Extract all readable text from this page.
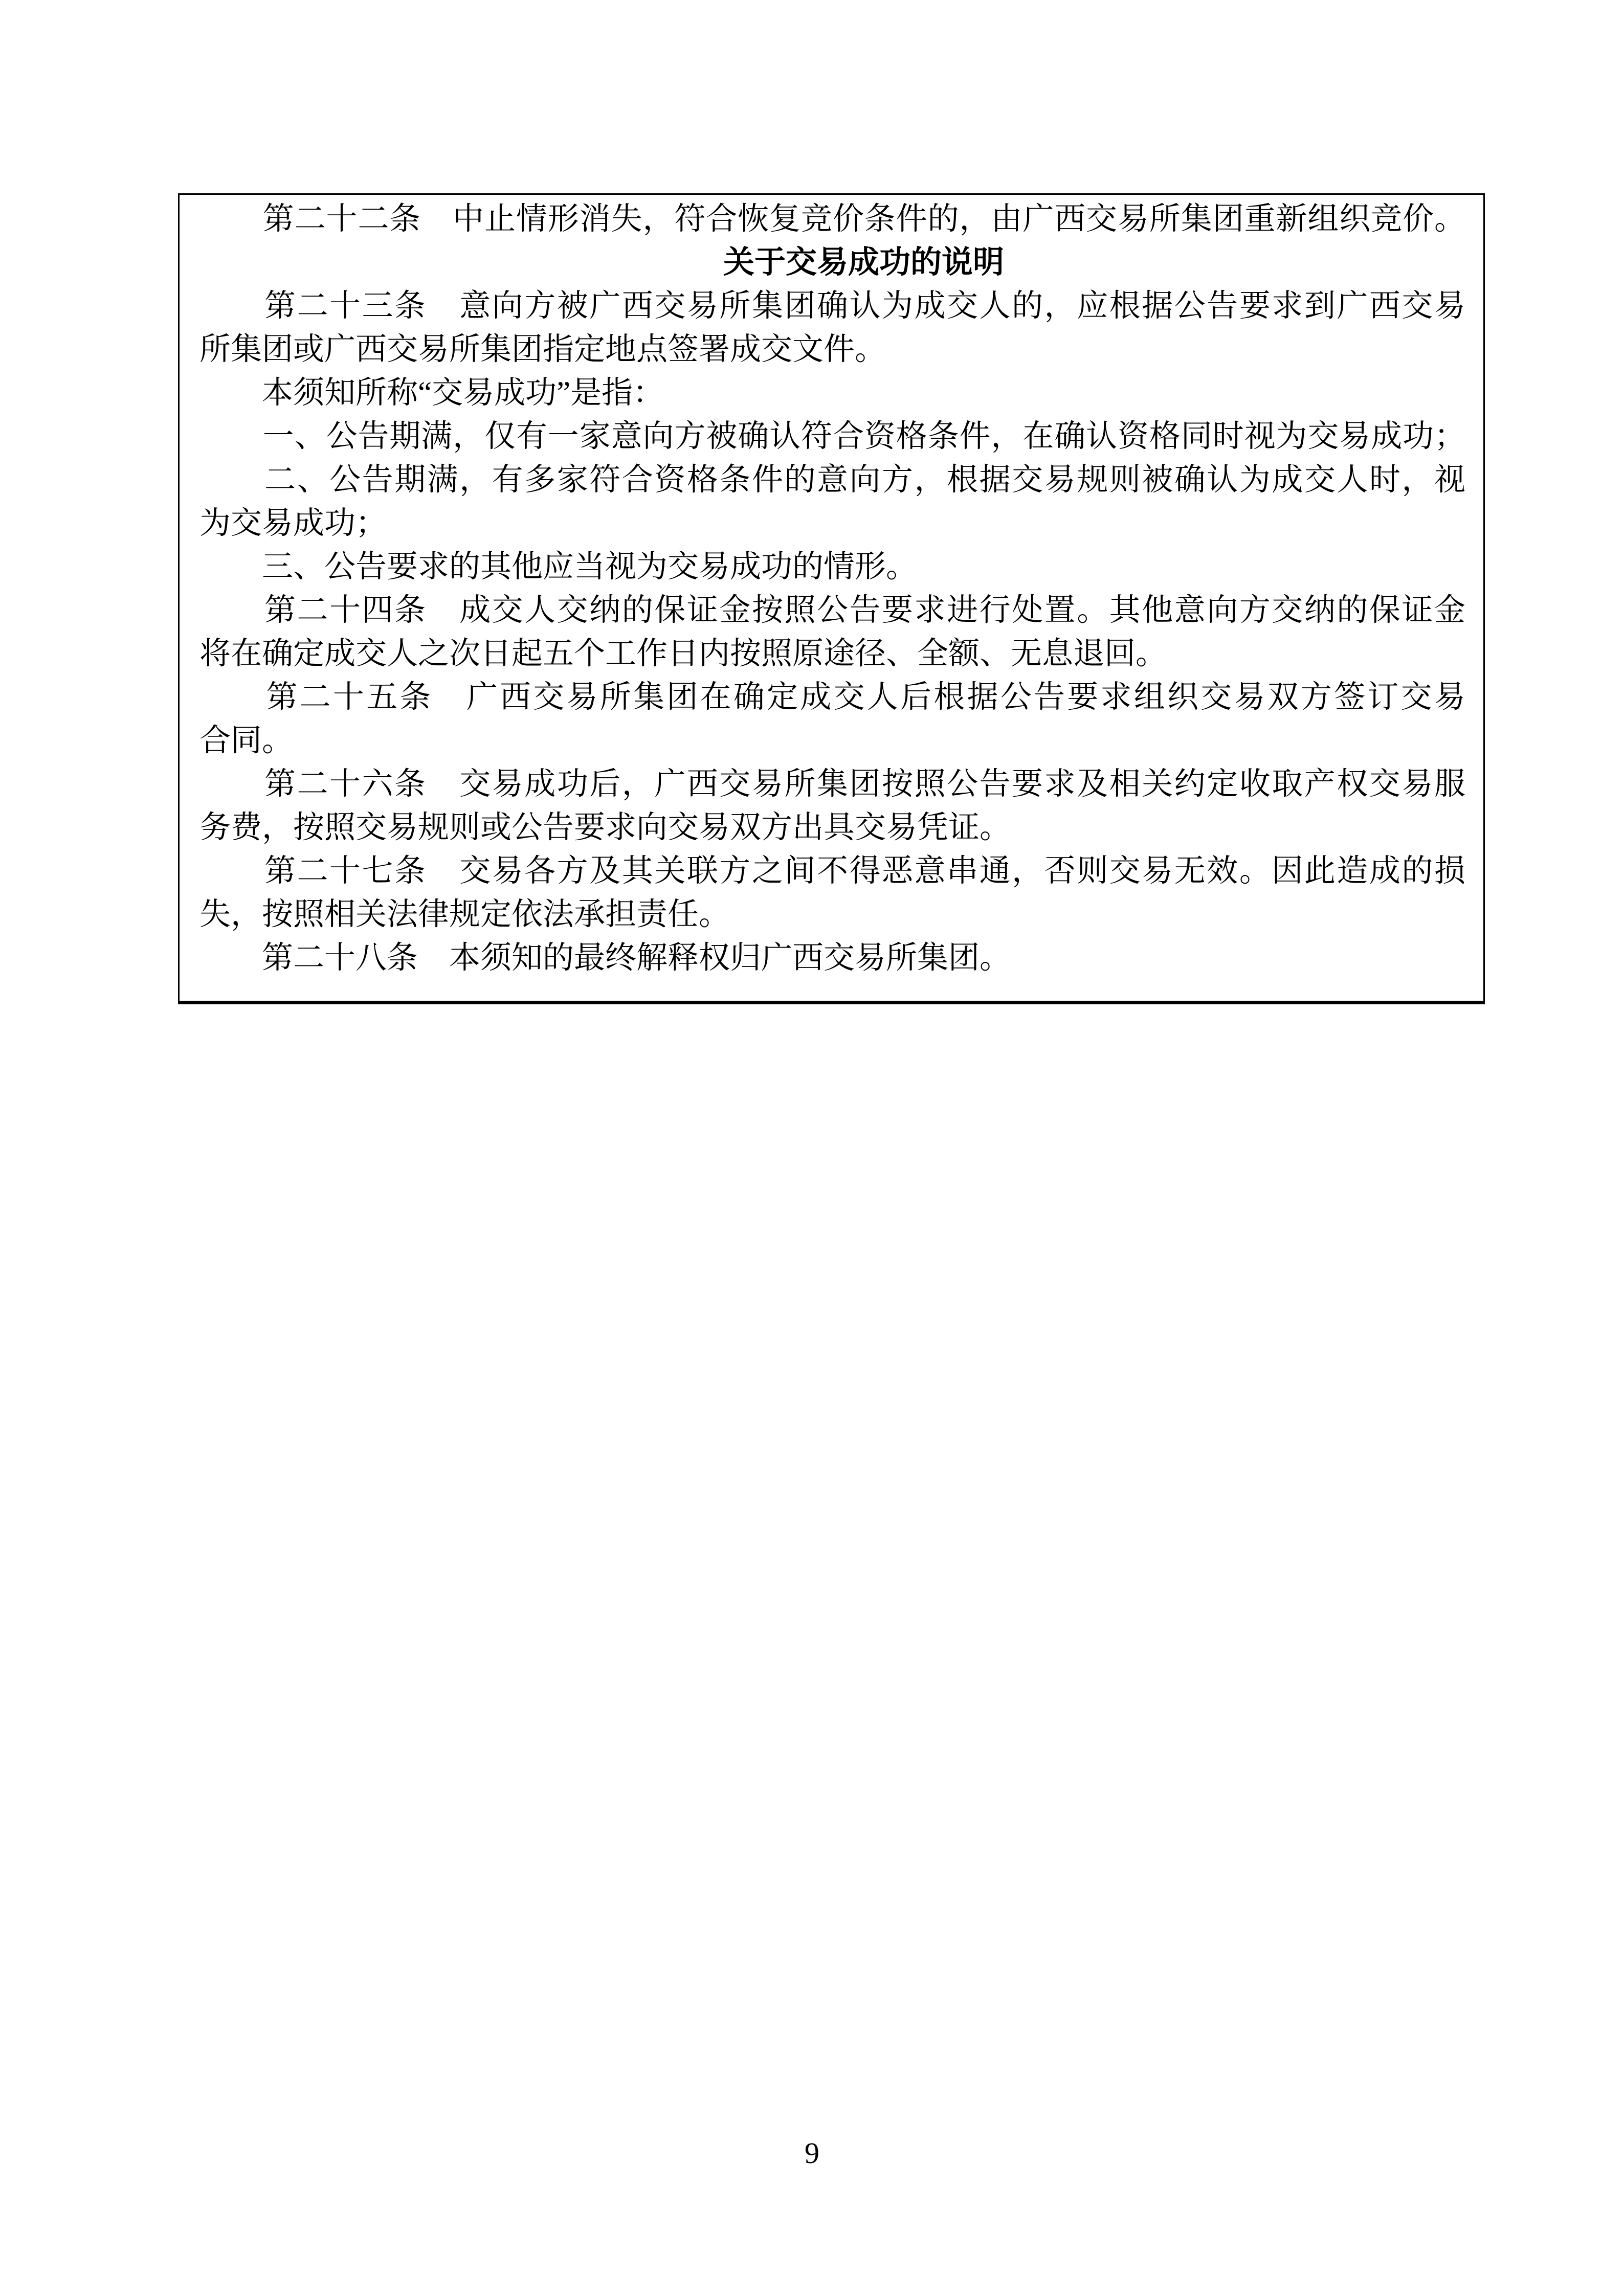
　　第二十二条　中止情形消失，符合恢复竞价条件的，由广西交易所集团重新组织竞价。
关于交易成功的说明
　　第二十三条　意向方被广西交易所集团确认为成交人的，应根据公告要求到广西交易
所集团或广西交易所集团指定地点签署成交文件。
　　本须知所称“交易成功”是指：
　　一、公告期满，仅有一家意向方被确认符合资格条件，在确认资格同时视为交易成功；
　　二、公告期满，有多家符合资格条件的意向方，根据交易规则被确认为成交人时，视
为交易成功；
　　三、公告要求的其他应当视为交易成功的情形。
　　第二十四条　成交人交纳的保证金按照公告要求进行处置。其他意向方交纳的保证金
将在确定成交人之次日起五个工作日内按照原途径、全额、无息退回。
　　第二十五条　广西交易所集团在确定成交人后根据公告要求组织交易双方签订交易
合同。
　　第二十六条　交易成功后，广西交易所集团按照公告要求及相关约定收取产权交易服
务费，按照交易规则或公告要求向交易双方出具交易凭证。
　　第二十七条　交易各方及其关联方之间不得恶意串通，否则交易无效。因此造成的损
失，按照相关法律规定依法承担责任。
　　第二十八条　本须知的最终解释权归广西交易所集团。
9
